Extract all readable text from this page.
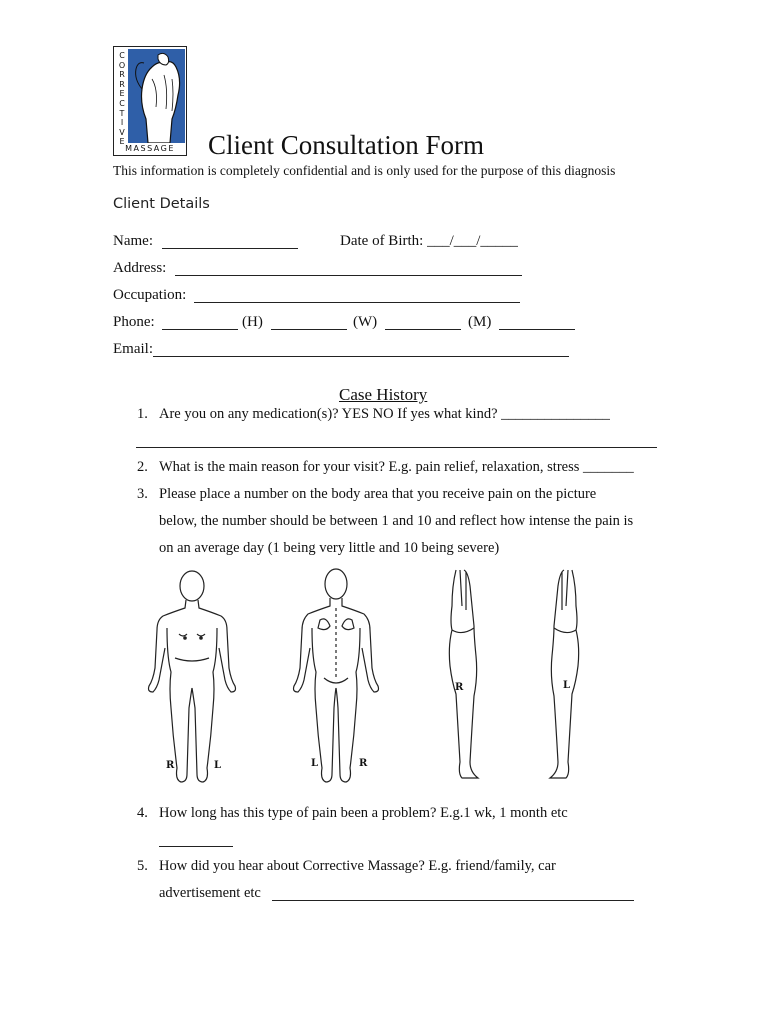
C
O
R
R
E
C
T
I
V
E
MASSAGE	Client Consultation Form
This information is completely confidential and is only used for the purpose of this diagnosis
Client Details
Name:	Date of Birth: ___/___/_____
Address:
Occupation:
Phone:	(H)	(W)	(M)
Email:
Case History
1. Are you on any medication(s)? YES NO If yes what kind? _______________
2. What is the main reason for your visit? E.g. pain relief, relaxation, stress _______
3. Please place a number on the body area that you receive pain on the picture
below, the number should be between 1 and 10 and reflect how intense the pain is
on an average day (1 being very little and 10 being severe)
R	L	L	R
R	L
4. How long has this type of pain been a problem? E.g.1 wk, 1 month etc
5. How did you hear about Corrective Massage? E.g. friend/family, car
advertisement etc
